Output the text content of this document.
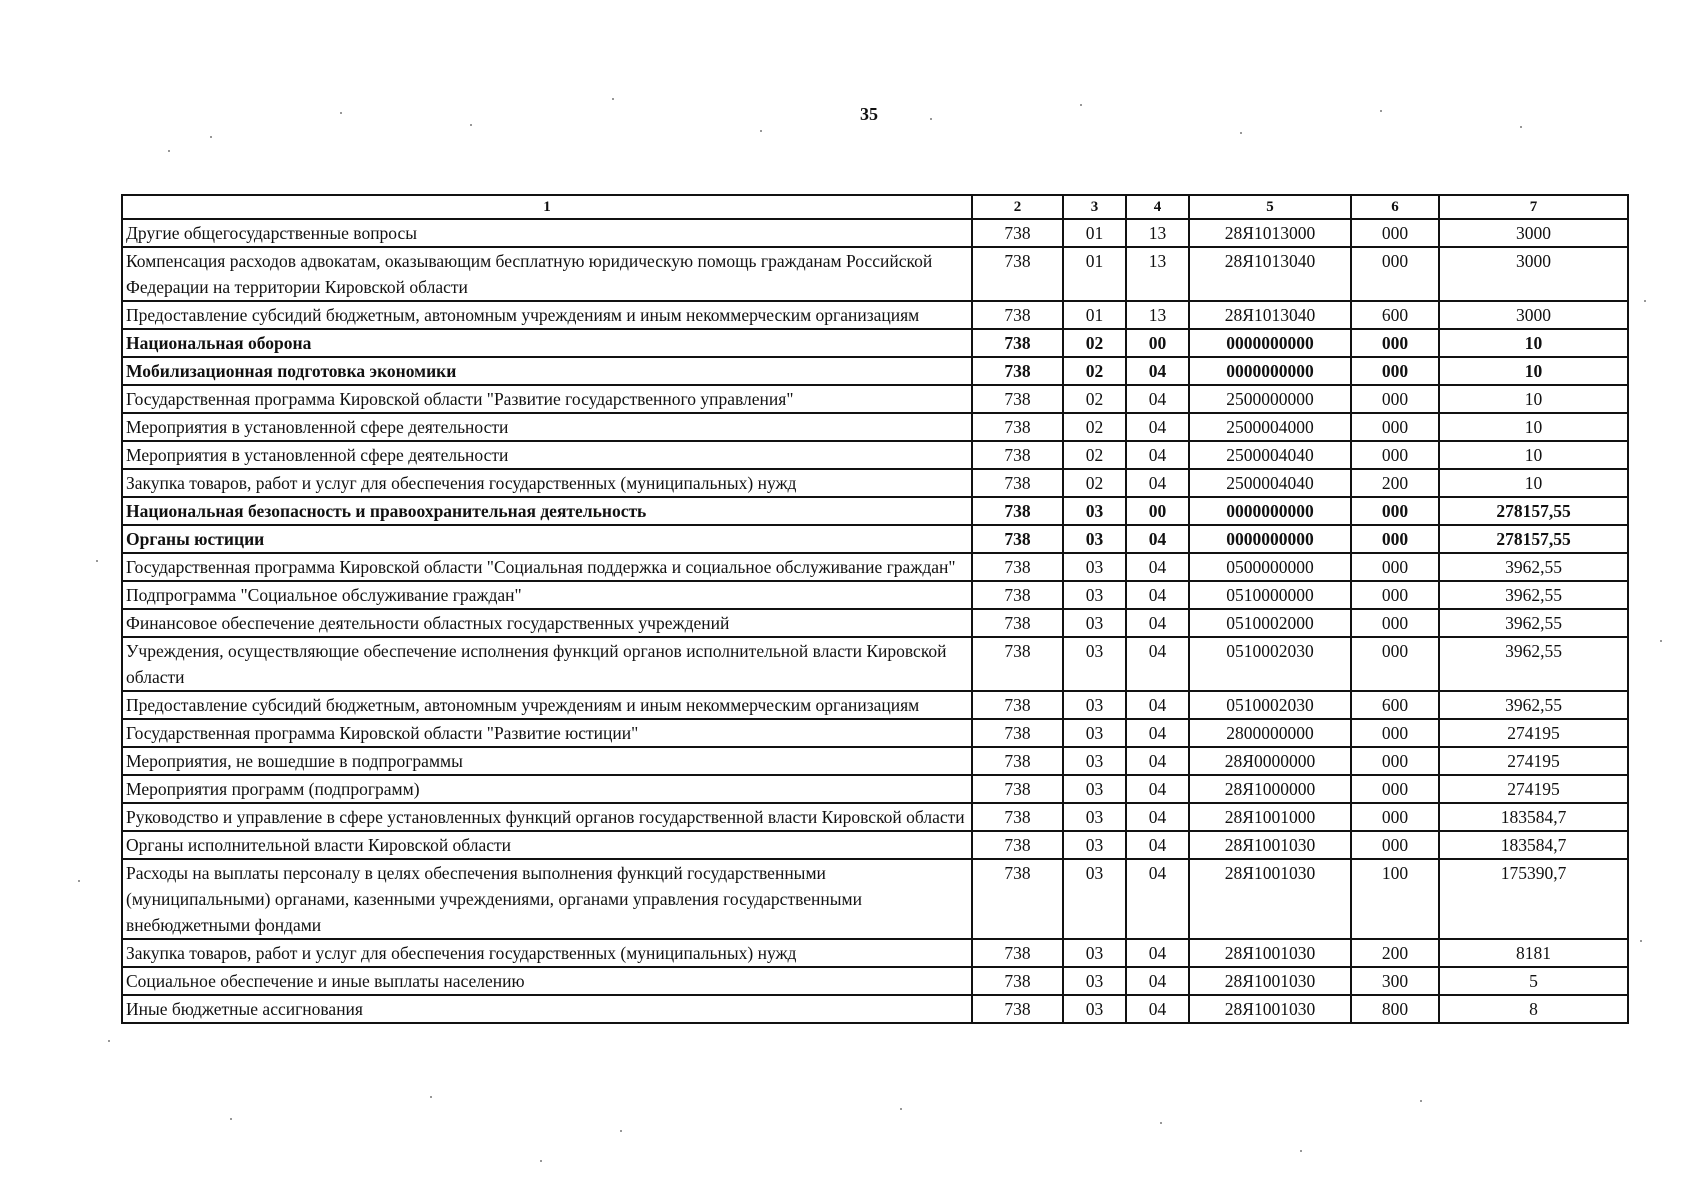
35
1	2	3	4	5	6	7
Другие общегосударственные вопросы	738	01	13	28Я1013000	000	3000
Компенсация расходов адвокатам, оказывающим бесплатную юридическую помощь гражданам Российской Федерации на территории Кировской области	738	01	13	28Я1013040	000	3000
Предоставление субсидий бюджетным, автономным учреждениям и иным некоммерческим организациям	738	01	13	28Я1013040	600	3000
Национальная оборона	738	02	00	0000000000	000	10
Мобилизационная подготовка экономики	738	02	04	0000000000	000	10
Государственная программа Кировской области "Развитие государственного управления"	738	02	04	2500000000	000	10
Мероприятия в установленной сфере деятельности	738	02	04	2500004000	000	10
Мероприятия в установленной сфере деятельности	738	02	04	2500004040	000	10
Закупка товаров, работ и услуг для обеспечения государственных (муниципальных) нужд	738	02	04	2500004040	200	10
Национальная безопасность и правоохранительная деятельность	738	03	00	0000000000	000	278157,55
Органы юстиции	738	03	04	0000000000	000	278157,55
Государственная программа Кировской области "Социальная поддержка и социальное обслуживание граждан"	738	03	04	0500000000	000	3962,55
Подпрограмма "Социальное обслуживание граждан"	738	03	04	0510000000	000	3962,55
Финансовое обеспечение деятельности областных государственных учреждений	738	03	04	0510002000	000	3962,55
Учреждения, осуществляющие обеспечение исполнения функций органов исполнительной власти Кировской области	738	03	04	0510002030	000	3962,55
Предоставление субсидий бюджетным, автономным учреждениям и иным некоммерческим организациям	738	03	04	0510002030	600	3962,55
Государственная программа Кировской области "Развитие юстиции"	738	03	04	2800000000	000	274195
Мероприятия, не вошедшие в подпрограммы	738	03	04	28Я0000000	000	274195
Мероприятия программ (подпрограмм)	738	03	04	28Я1000000	000	274195
Руководство и управление в сфере установленных функций органов государственной власти Кировской области	738	03	04	28Я1001000	000	183584,7
Органы исполнительной власти Кировской области	738	03	04	28Я1001030	000	183584,7
Расходы на выплаты персоналу в целях обеспечения выполнения функций государственными (муниципальными) органами, казенными учреждениями, органами управления государственными внебюджетными фондами	738	03	04	28Я1001030	100	175390,7
Закупка товаров, работ и услуг для обеспечения государственных (муниципальных) нужд	738	03	04	28Я1001030	200	8181
Социальное обеспечение и иные выплаты населению	738	03	04	28Я1001030	300	5
Иные бюджетные ассигнования	738	03	04	28Я1001030	800	8
